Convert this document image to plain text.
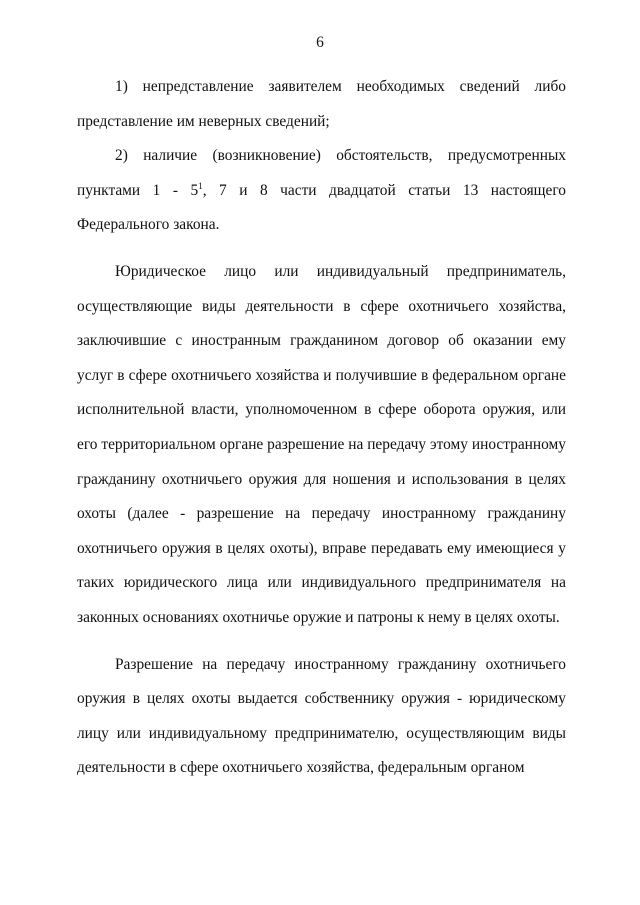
6

1) непредставление заявителем необходимых сведений либо представление им неверных сведений;

2) наличие (возникновение) обстоятельств, предусмотренных пунктами $1 - 5^1$, 7 и 8 части двадцатой статьи 13 настоящего Федерального закона.

Юридическое лицо или индивидуальный предприниматель, осуществляющие виды деятельности в сфере охотничьего хозяйства, заключившие с иностранным гражданином договор об оказании ему услуг в сфере охотничьего хозяйства и получившие в федеральном органе исполнительной власти, уполномоченном в сфере оборота оружия, или его территориальном органе разрешение на передачу этому иностранному гражданину охотничьего оружия для ношения и использования в целях охоты (далее - разрешение на передачу иностранному гражданину охотничьего оружия в целях охоты), вправе передавать ему имеющиеся у таких юридического лица или индивидуального предпринимателя на законных основаниях охотничье оружие и патроны к нему в целях охоты.

Разрешение на передачу иностранному гражданину охотничьего оружия в целях охоты выдается собственнику оружия - юридическому лицу или индивидуальному предпринимателю, осуществляющим виды деятельности в сфере охотничьего хозяйства, федеральным органом
